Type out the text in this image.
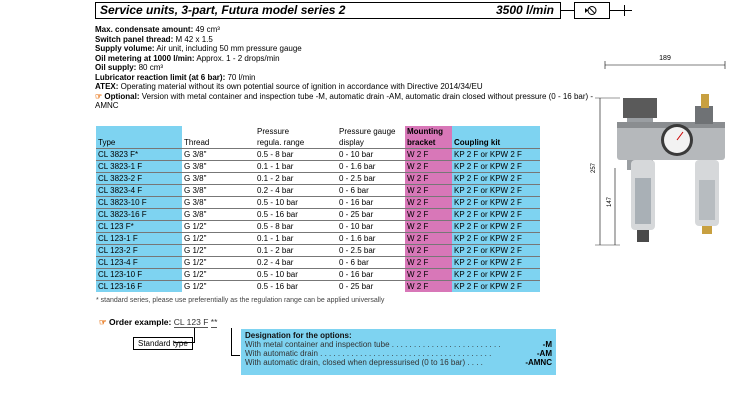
Service units, 3-part, Futura model series 2	3500 l/min
Max. condensate amount: 49 cm³
Switch panel thread: M 42 x 1.5
Supply volume: Air unit, including 50 mm pressure gauge
Oil metering at 1000 l/min: Approx. 1 - 2 drops/min
Oil supply: 80 cm³
Lubricator reaction limit (at 6 bar): 70 l/min
ATEX: Operating material without its own potential source of ignition in accordance with Directive 2014/34/EU
☞ Optional: Version with metal container and inspection tube -M, automatic drain -AM, automatic drain closed without pressure (0 - 16 bar) -AMNC
		Pressure	Pressure gauge	Mounting	
Type	Thread	regula. range	display	bracket	Coupling kit
CL 3823 F*	G 3/8"	0.5 - 8 bar	0 - 10 bar	W 2 F	KP 2 F or KPW 2 F
CL 3823-1 F	G 3/8"	0.1 - 1 bar	0 - 1.6 bar	W 2 F	KP 2 F or KPW 2 F
CL 3823-2 F	G 3/8"	0.1 - 2 bar	0 - 2.5 bar	W 2 F	KP 2 F or KPW 2 F
CL 3823-4 F	G 3/8"	0.2 - 4 bar	0 - 6 bar	W 2 F	KP 2 F or KPW 2 F
CL 3823-10 F	G 3/8"	0.5 - 10 bar	0 - 16 bar	W 2 F	KP 2 F or KPW 2 F
CL 3823-16 F	G 3/8"	0.5 - 16 bar	0 - 25 bar	W 2 F	KP 2 F or KPW 2 F
CL 123 F*	G 1/2"	0.5 - 8 bar	0 - 10 bar	W 2 F	KP 2 F or KPW 2 F
CL 123-1 F	G 1/2"	0.1 - 1 bar	0 - 1.6 bar	W 2 F	KP 2 F or KPW 2 F
CL 123-2 F	G 1/2"	0.1 - 2 bar	0 - 2.5 bar	W 2 F	KP 2 F or KPW 2 F
CL 123-4 F	G 1/2"	0.2 - 4 bar	0 - 6 bar	W 2 F	KP 2 F or KPW 2 F
CL 123-10 F	G 1/2"	0.5 - 10 bar	0 - 16 bar	W 2 F	KP 2 F or KPW 2 F
CL 123-16 F	G 1/2"	0.5 - 16 bar	0 - 25 bar	W 2 F	KP 2 F or KPW 2 F
* standard series, please use preferentially as the regulation range can be applied universally
☞ Order example: CL 123 F **
Standard type
Designation for the options:
With metal container and inspection tube . . . . . . . . . . . . . . . . . . . . . . . . .	-M
With automatic drain . . . . . . . . . . . . . . . . . . . . . . . . . . . . . . . . . . . . . . .	-AM
With automatic drain, closed when depressurised (0 to 16 bar) . . . .	-AMNC
189
257
147
